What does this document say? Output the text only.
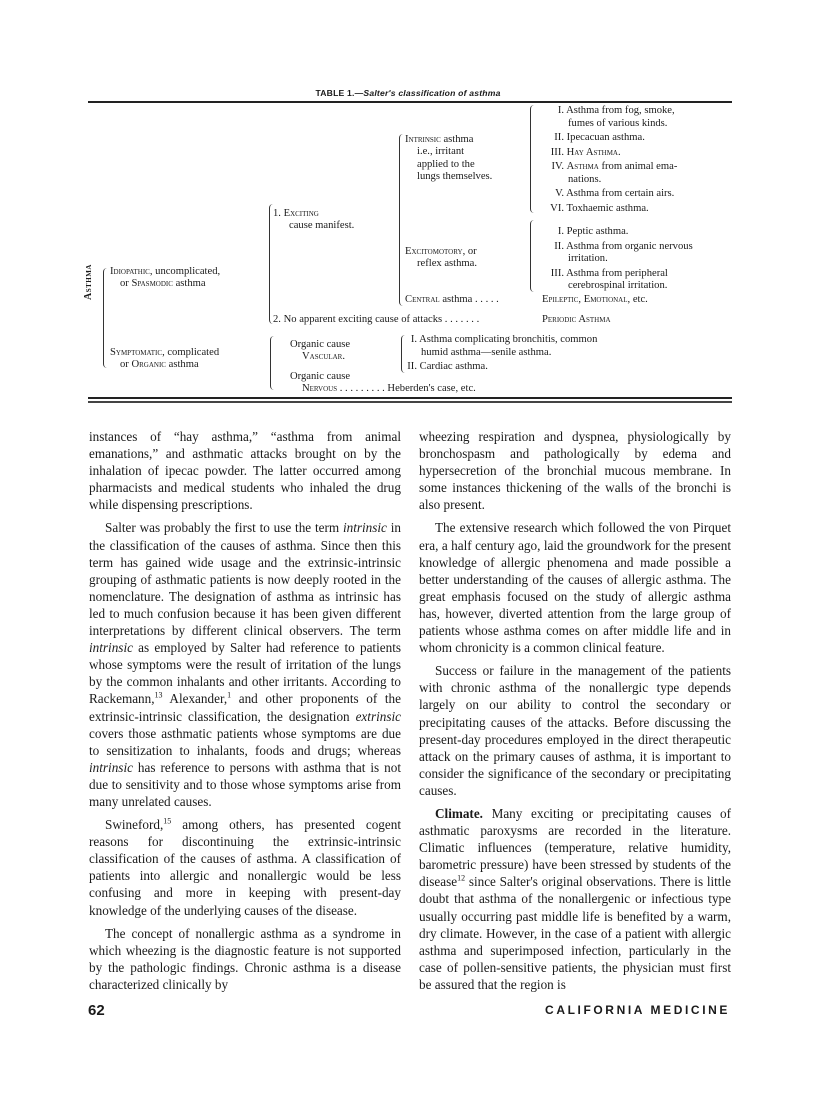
TABLE 1.—Salter's classification of asthma
Asthma Idiopathic, uncomplicated,
or Spasmodic asthma
Symptomatic, complicated
or Organic asthma
1. Exciting
cause manifest.
Intrinsic asthma
i.e., irritant
applied to the
lungs themselves.
I. Asthma from fog, smoke,
fumes of various kinds.
II. Ipecacuan asthma.
III. Hay Asthma.
IV. Asthma from animal ema-
nations.
V. Asthma from certain airs.
VI. Toxhaemic asthma.
Excitomotory, or
reflex asthma.
I. Peptic asthma.
II. Asthma from organic nervous
irritation.
III. Asthma from peripheral
cerebrospinal irritation.
Central asthma . . . . .	Epileptic, Emotional, etc.
2. No apparent exciting cause of attacks . . . . . . .	Periodic Asthma
Organic cause
Vascular.
I. Asthma complicating bronchitis, common
humid asthma—senile asthma.
II. Cardiac asthma.
Organic cause
Nervous . . . . . . . . . Heberden's case, etc.

instances of “hay asthma,” “asthma from animal emanations,” and asthmatic attacks brought on by the inhalation of ipecac powder. The latter occurred among pharmacists and medical students who inhaled the drug while dispensing prescriptions.

Salter was probably the first to use the term intrinsic in the classification of the causes of asthma. Since then this term has gained wide usage and the extrinsic-intrinsic grouping of asthmatic patients is now deeply rooted in the nomenclature. The designation of asthma as intrinsic has led to much confusion because it has been given different interpretations by different clinical observers. The term intrinsic as employed by Salter had reference to patients whose symptoms were the result of irritation of the lungs by the common inhalants and other irritants. According to Rackemann,$^{13}$ Alexander,$^1$ and other proponents of the extrinsic-intrinsic classification, the designation extrinsic covers those asthmatic patients whose symptoms are due to sensitization to inhalants, foods and drugs; whereas intrinsic has reference to persons with asthma that is not due to sensitivity and to those whose symptoms arise from many unrelated causes.

Swineford,$^{15}$ among others, has presented cogent reasons for discontinuing the extrinsic-intrinsic classification of the causes of asthma. A classification of patients into allergic and nonallergic would be less confusing and more in keeping with present-day knowledge of the underlying causes of the disease.

The concept of nonallergic asthma as a syndrome in which wheezing is the diagnostic feature is not supported by the pathologic findings. Chronic asthma is a disease characterized clinically by

wheezing respiration and dyspnea, physiologically by bronchospasm and pathologically by edema and hypersecretion of the bronchial mucous membrane. In some instances thickening of the walls of the bronchi is also present.

The extensive research which followed the von Pirquet era, a half century ago, laid the groundwork for the present knowledge of allergic phenomena and made possible a better understanding of the causes of allergic asthma. The great emphasis focused on the study of allergic asthma has, however, diverted attention from the large group of patients whose asthma comes on after middle life and in whom chronicity is a common clinical feature.

Success or failure in the management of the patients with chronic asthma of the nonallergic type depends largely on our ability to control the secondary or precipitating causes of the attacks. Before discussing the present-day procedures employed in the direct therapeutic attack on the primary causes of asthma, it is important to consider the significance of the secondary or precipitating causes.

Climate. Many exciting or precipitating causes of asthmatic paroxysms are recorded in the literature. Climatic influences (temperature, relative humidity, barometric pressure) have been stressed by students of the disease$^{12}$ since Salter's original observations. There is little doubt that asthma of the nonallergenic or infectious type usually occurring past middle life is benefited by a warm, dry climate. However, in the case of a patient with allergic asthma and superimposed infection, particularly in the case of pollen-sensitive patients, the physician must first be assured that the region is

62	CALIFORNIA MEDICINE
